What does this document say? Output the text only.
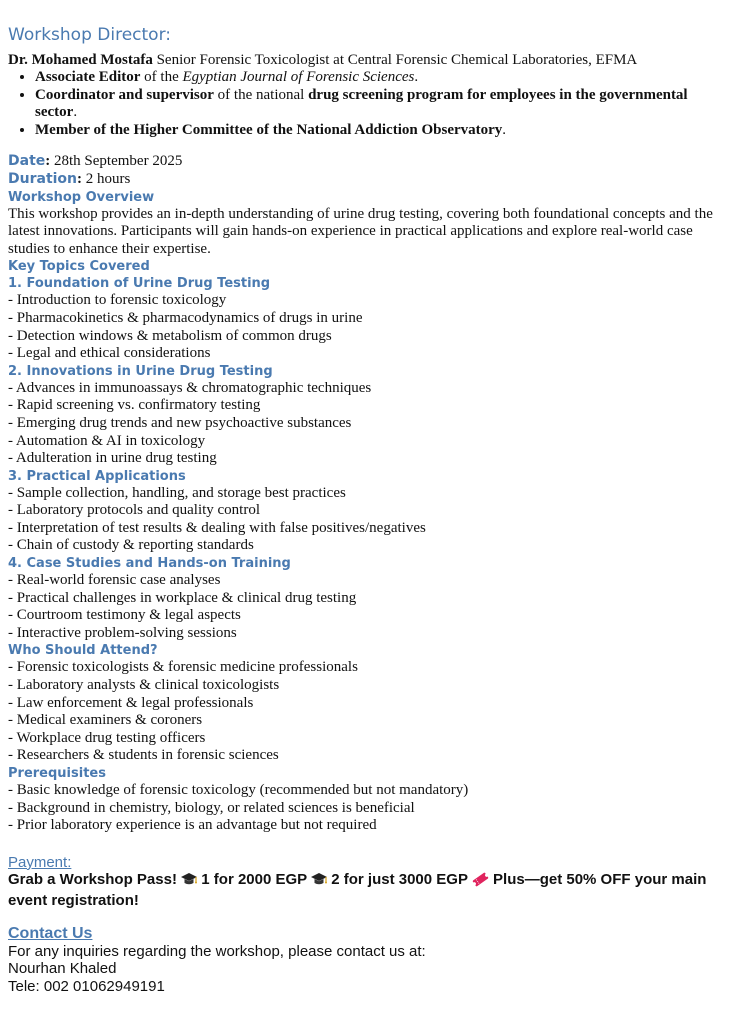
Workshop Director:
Dr. Mohamed Mostafa Senior Forensic Toxicologist at Central Forensic Chemical Laboratories, EFMA
• Associate Editor of the Egyptian Journal of Forensic Sciences.
• Coordinator and supervisor of the national drug screening program for employees in the governmental sector.
• Member of the Higher Committee of the National Addiction Observatory.
Date: 28th September 2025
Duration: 2 hours
Workshop Overview
This workshop provides an in-depth understanding of urine drug testing, covering both foundational concepts and the latest innovations. Participants will gain hands-on experience in practical applications and explore real-world case studies to enhance their expertise.
Key Topics Covered
1. Foundation of Urine Drug Testing
- Introduction to forensic toxicology
- Pharmacokinetics & pharmacodynamics of drugs in urine
- Detection windows & metabolism of common drugs
- Legal and ethical considerations
2. Innovations in Urine Drug Testing
- Advances in immunoassays & chromatographic techniques
- Rapid screening vs. confirmatory testing
- Emerging drug trends and new psychoactive substances
- Automation & AI in toxicology
- Adulteration in urine drug testing
3. Practical Applications
- Sample collection, handling, and storage best practices
- Laboratory protocols and quality control
- Interpretation of test results & dealing with false positives/negatives
- Chain of custody & reporting standards
4. Case Studies and Hands-on Training
- Real-world forensic case analyses
- Practical challenges in workplace & clinical drug testing
- Courtroom testimony & legal aspects
- Interactive problem-solving sessions
Who Should Attend?
- Forensic toxicologists & forensic medicine professionals
- Laboratory analysts & clinical toxicologists
- Law enforcement & legal professionals
- Medical examiners & coroners
- Workplace drug testing officers
- Researchers & students in forensic sciences
Prerequisites
- Basic knowledge of forensic toxicology (recommended but not mandatory)
- Background in chemistry, biology, or related sciences is beneficial
- Prior laboratory experience is an advantage but not required
Payment:
Grab a Workshop Pass!  1 for 2000 EGP  2 for just 3000 EGP  Plus—get 50% OFF your main event registration!
Contact Us
For any inquiries regarding the workshop, please contact us at:
Nourhan Khaled
Tele: 002 01062949191
